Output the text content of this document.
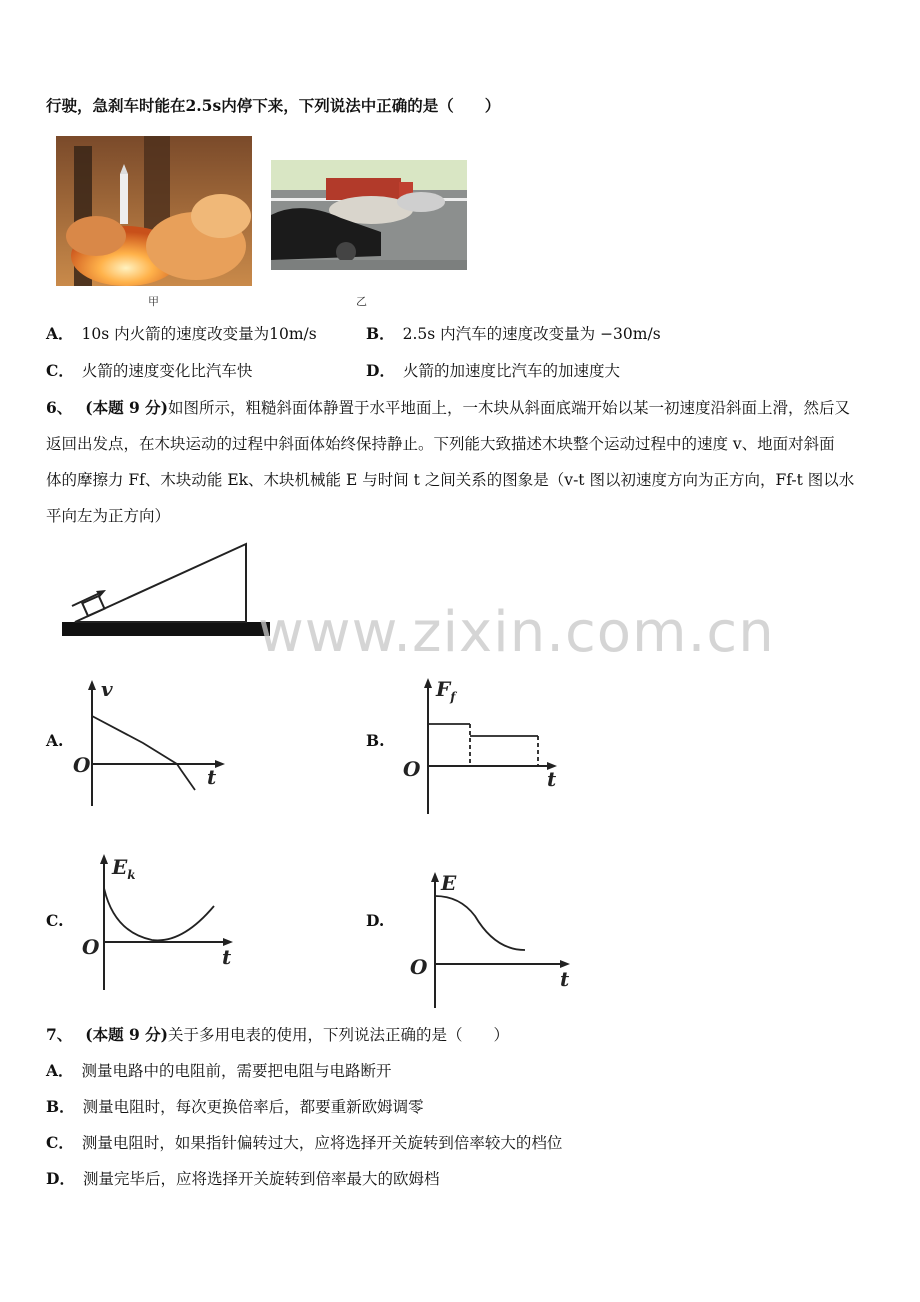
行驶，急刹车时能在2.5s内停下来，下列说法中正确的是（　　）
甲	乙
A． 10s 内火箭的速度改变量为10m/s	B． 2.5s 内汽车的速度改变量为 −30m/s
C． 火箭的速度变化比汽车快	D． 火箭的加速度比汽车的加速度大
6、 (本题 9 分)如图所示，粗糙斜面体静置于水平地面上，一木块从斜面底端开始以某一初速度沿斜面上滑，然后又
返回出发点，在木块运动的过程中斜面体始终保持静止。下列能大致描述木块整个运动过程中的速度 v、地面对斜面
体的摩擦力 Ff、木块动能 Ek、木块机械能 E 与时间 t 之间关系的图象是（v-t 图以初速度方向为正方向，Ff-t 图以水
平向左为正方向）
www.zixin.com.cn
A.
v
O	t
B.
$F_f$
O	t
C.
$E_k$
O	t
D.
E
O	t
7、 (本题 9 分)关于多用电表的使用，下列说法正确的是（　　）
A． 测量电路中的电阻前，需要把电阻与电路断开
B． 测量电阻时，每次更换倍率后，都要重新欧姆调零
C． 测量电阻时，如果指针偏转过大，应将选择开关旋转到倍率较大的档位
D． 测量完毕后，应将选择开关旋转到倍率最大的欧姆档
